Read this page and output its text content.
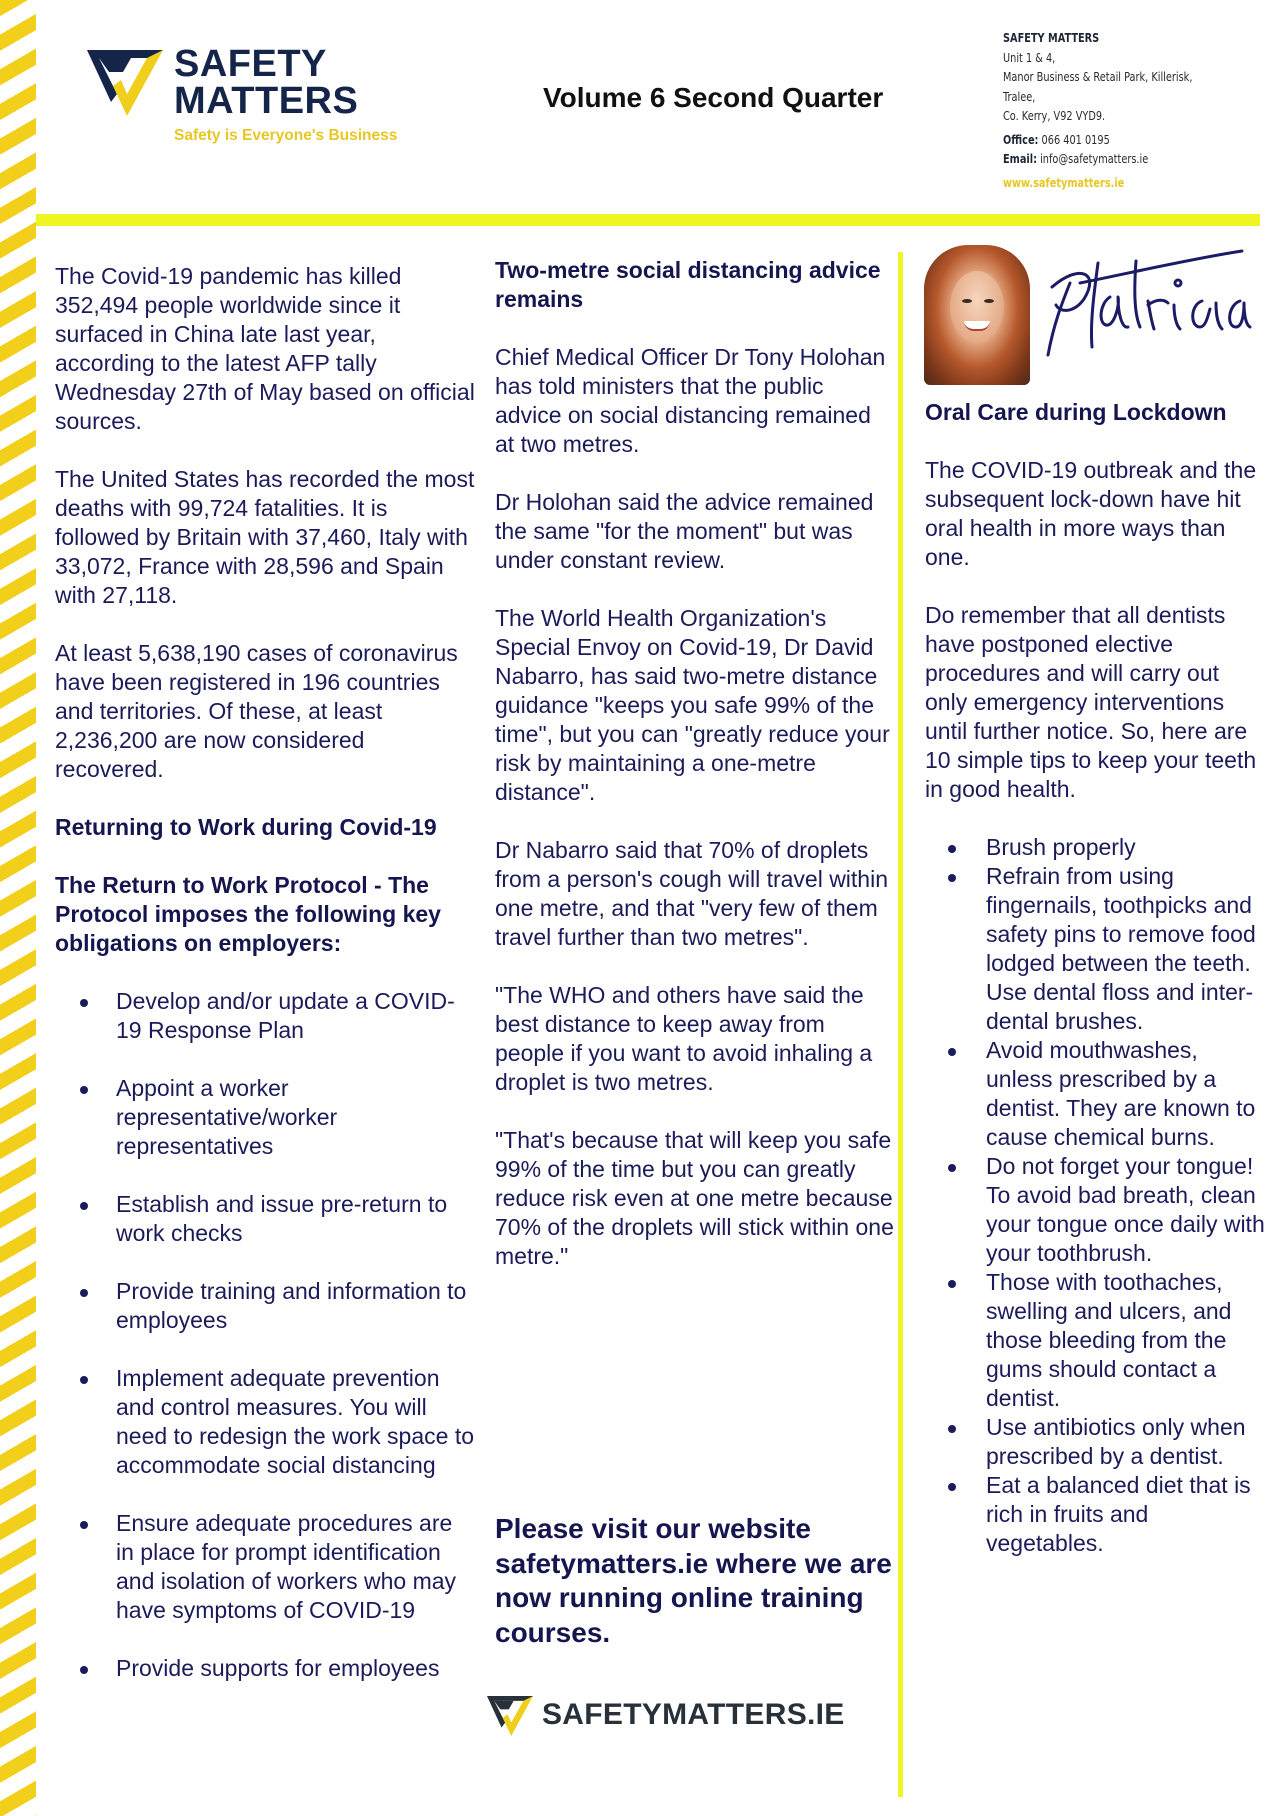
SAFETY
MATTERS
Safety is Everyone's Business
Volume 6 Second Quarter
SAFETY MATTERS
Unit 1 & 4,
Manor Business & Retail Park, Killerisk,
Tralee,
Co. Kerry, V92 VYD9.
Office: 066 401 0195
Email: info@safetymatters.ie
www.safetymatters.ie

The Covid-19 pandemic has killed 352,494 people worldwide since it surfaced in China late last year, according to the latest AFP tally Wednesday 27th of May based on official sources.

The United States has recorded the most deaths with 99,724 fatalities. It is followed by Britain with 37,460, Italy with 33,072, France with 28,596 and Spain with 27,118.

At least 5,638,190 cases of coronavirus have been registered in 196 countries and territories. Of these, at least 2,236,200 are now considered recovered.

Returning to Work during Covid-19
The Return to Work Protocol - The Protocol imposes the following key obligations on employers:
Develop and/or update a COVID-19 Response Plan
Appoint a worker representative/worker representatives
Establish and issue pre-return to work checks
Provide training and information to employees
Implement adequate prevention and control measures. You will need to redesign the work space to accommodate social distancing
Ensure adequate procedures are in place for prompt identification and isolation of workers who may have symptoms of COVID-19
Provide supports for employees
Two-metre social distancing advice remains

Chief Medical Officer Dr Tony Holohan has told ministers that the public advice on social distancing remained at two metres.

Dr Holohan said the advice remained the same "for the moment" but was under constant review.

The World Health Organization's Special Envoy on Covid-19, Dr David Nabarro, has said two-metre distance guidance "keeps you safe 99% of the time", but you can "greatly reduce your risk by maintaining a one-metre distance".

Dr Nabarro said that 70% of droplets from a person's cough will travel within one metre, and that "very few of them travel further than two metres".

"The WHO and others have said the best distance to keep away from people if you want to avoid inhaling a droplet is two metres.

"That's because that will keep you safe 99% of the time but you can greatly reduce risk even at one metre because 70% of the droplets will stick within one metre."

Please visit our website safetymatters.ie where we are now running online training courses.
SAFETYMATTERS.IE
Oral Care during Lockdown

The COVID-19 outbreak and the subsequent lock-down have hit oral health in more ways than one.

Do remember that all dentists have postponed elective procedures and will carry out only emergency interventions until further notice. So, here are 10 simple tips to keep your teeth in good health.

Brush properly
Refrain from using fingernails, toothpicks and safety pins to remove food lodged between the teeth. Use dental floss and inter-dental brushes.
Avoid mouthwashes, unless prescribed by a dentist. They are known to cause chemical burns.
Do not forget your tongue! To avoid bad breath, clean your tongue once daily with your toothbrush.
Those with toothaches, swelling and ulcers, and those bleeding from the gums should contact a dentist.
Use antibiotics only when prescribed by a dentist.
Eat a balanced diet that is rich in fruits and vegetables.
